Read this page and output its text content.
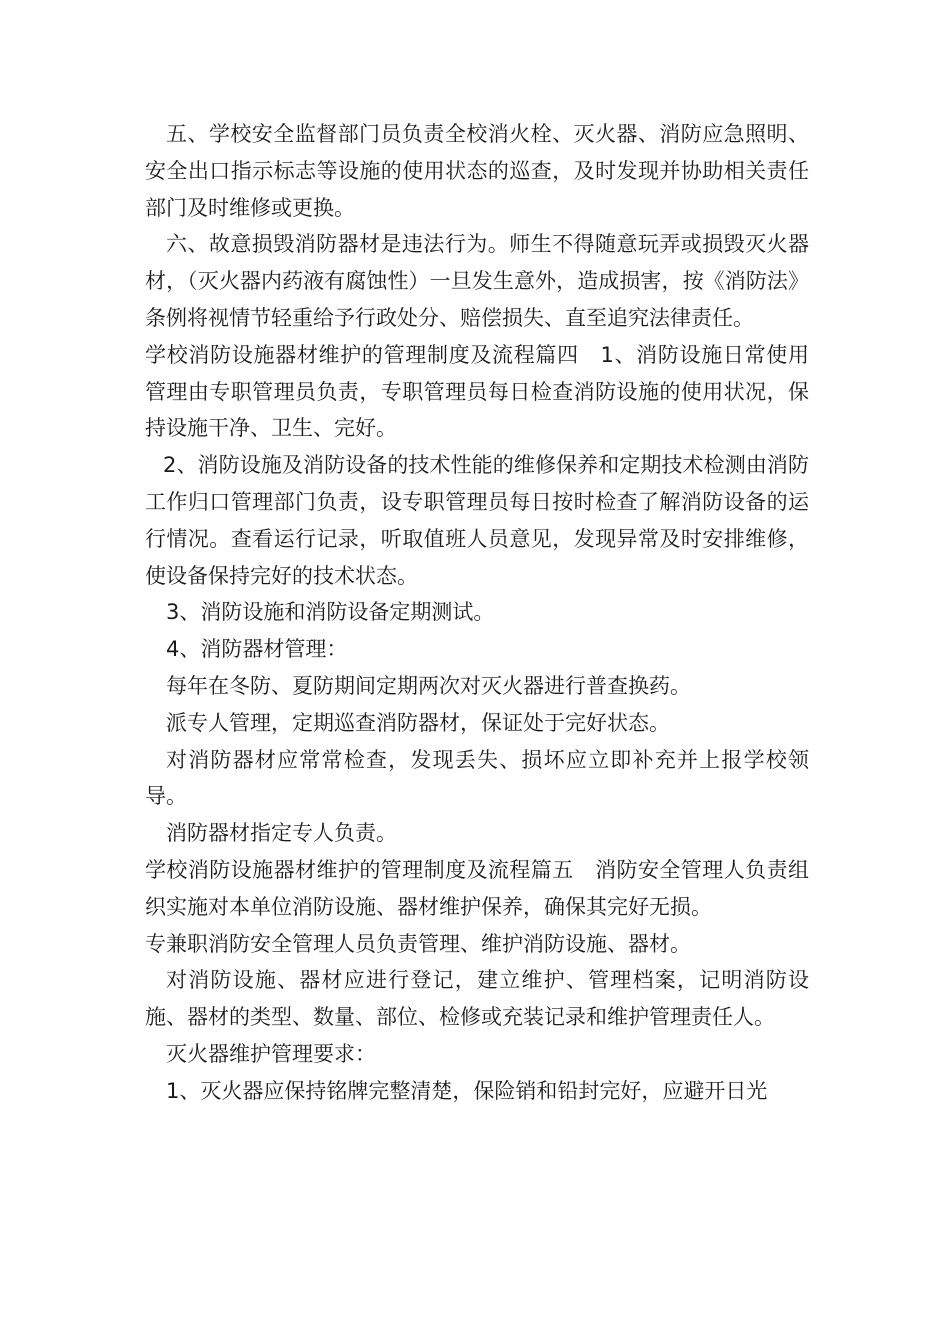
五、学校安全监督部门员负责全校消火栓、灭火器、消防应急照明、安全出口指示标志等设施的使用状态的巡查，及时发现并协助相关责任部门及时维修或更换。

六、故意损毁消防器材是违法行为。师生不得随意玩弄或损毁灭火器材，（灭火器内药液有腐蚀性）一旦发生意外，造成损害，按《消防法》条例将视情节轻重给予行政处分、赔偿损失、直至追究法律责任。

学校消防设施器材维护的管理制度及流程篇四　1、消防设施日常使用管理由专职管理员负责，专职管理员每日检查消防设施的使用状况，保持设施干净、卫生、完好。

2、消防设施及消防设备的技术性能的维修保养和定期技术检测由消防工作归口管理部门负责，设专职管理员每日按时检查了解消防设备的运行情况。查看运行记录，听取值班人员意见，发现异常及时安排维修，使设备保持完好的技术状态。

3、消防设施和消防设备定期测试。

4、消防器材管理：

每年在冬防、夏防期间定期两次对灭火器进行普查换药。

派专人管理，定期巡查消防器材，保证处于完好状态。

对消防器材应常常检查，发现丢失、损坏应立即补充并上报学校领导。

消防器材指定专人负责。

学校消防设施器材维护的管理制度及流程篇五　消防安全管理人负责组织实施对本单位消防设施、器材维护保养，确保其完好无损。

专兼职消防安全管理人员负责管理、维护消防设施、器材。

对消防设施、器材应进行登记，建立维护、管理档案，记明消防设施、器材的类型、数量、部位、检修或充装记录和维护管理责任人。

灭火器维护管理要求：

1、灭火器应保持铭牌完整清楚，保险销和铅封完好，应避开日光
